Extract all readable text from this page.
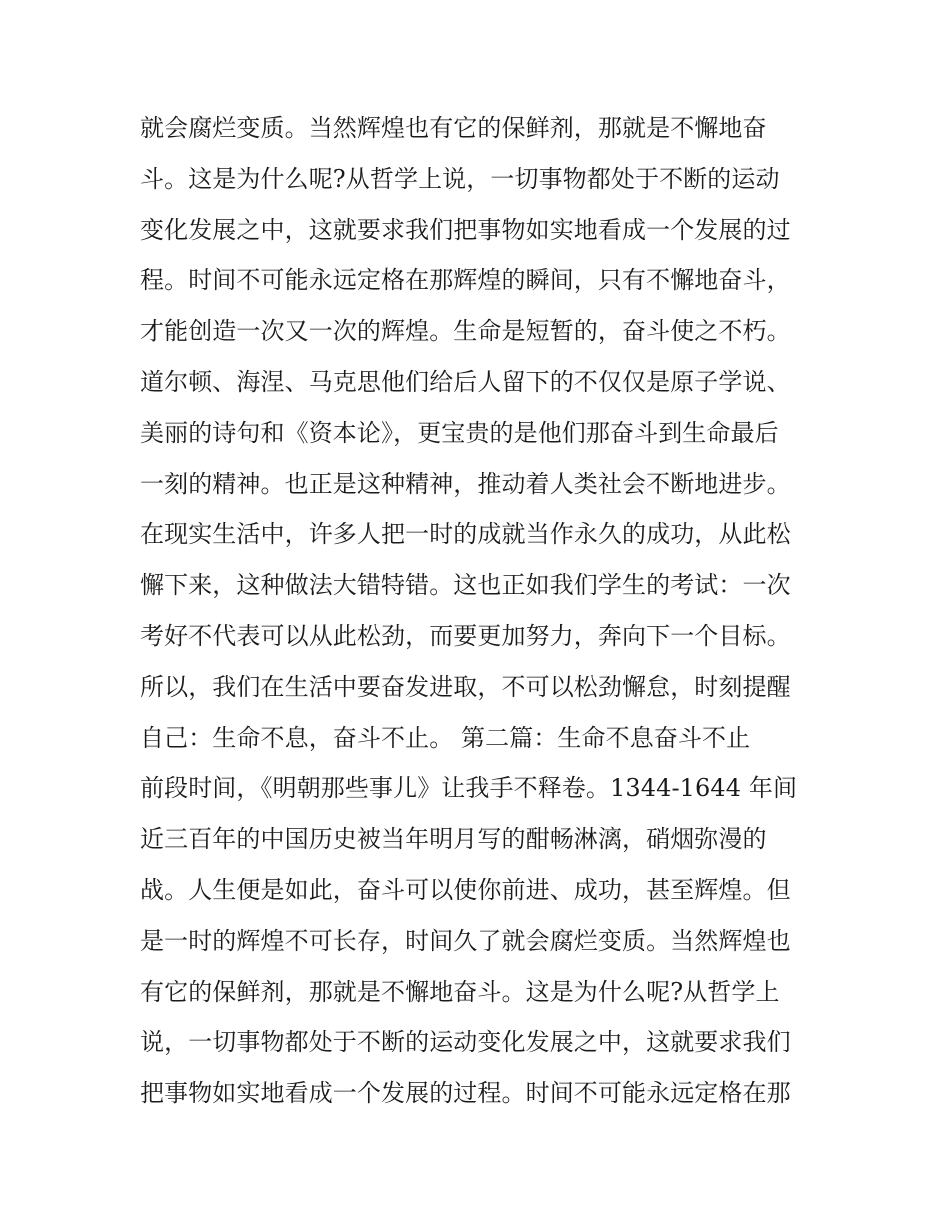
就会腐烂变质。当然辉煌也有它的保鲜剂，那就是不懈地奋
斗。这是为什么呢?从哲学上说，一切事物都处于不断的运动
变化发展之中，这就要求我们把事物如实地看成一个发展的过
程。时间不可能永远定格在那辉煌的瞬间，只有不懈地奋斗，
才能创造一次又一次的辉煌。生命是短暂的，奋斗使之不朽。
道尔顿、海涅、马克思他们给后人留下的不仅仅是原子学说、
美丽的诗句和《资本论》，更宝贵的是他们那奋斗到生命最后
一刻的精神。也正是这种精神，推动着人类社会不断地进步。
在现实生活中，许多人把一时的成就当作永久的成功，从此松
懈下来，这种做法大错特错。这也正如我们学生的考试：一次
考好不代表可以从此松劲，而要更加努力，奔向下一个目标。
所以，我们在生活中要奋发进取，不可以松劲懈怠，时刻提醒
自己：生命不息，奋斗不止。 第二篇：生命不息奋斗不止
前段时间，《明朝那些事儿》让我手不释卷。1344-1644 年间
近三百年的中国历史被当年明月写的酣畅淋漓，硝烟弥漫的
战。人生便是如此，奋斗可以使你前进、成功，甚至辉煌。但
是一时的辉煌不可长存，时间久了就会腐烂变质。当然辉煌也
有它的保鲜剂，那就是不懈地奋斗。这是为什么呢?从哲学上
说，一切事物都处于不断的运动变化发展之中，这就要求我们
把事物如实地看成一个发展的过程。时间不可能永远定格在那
